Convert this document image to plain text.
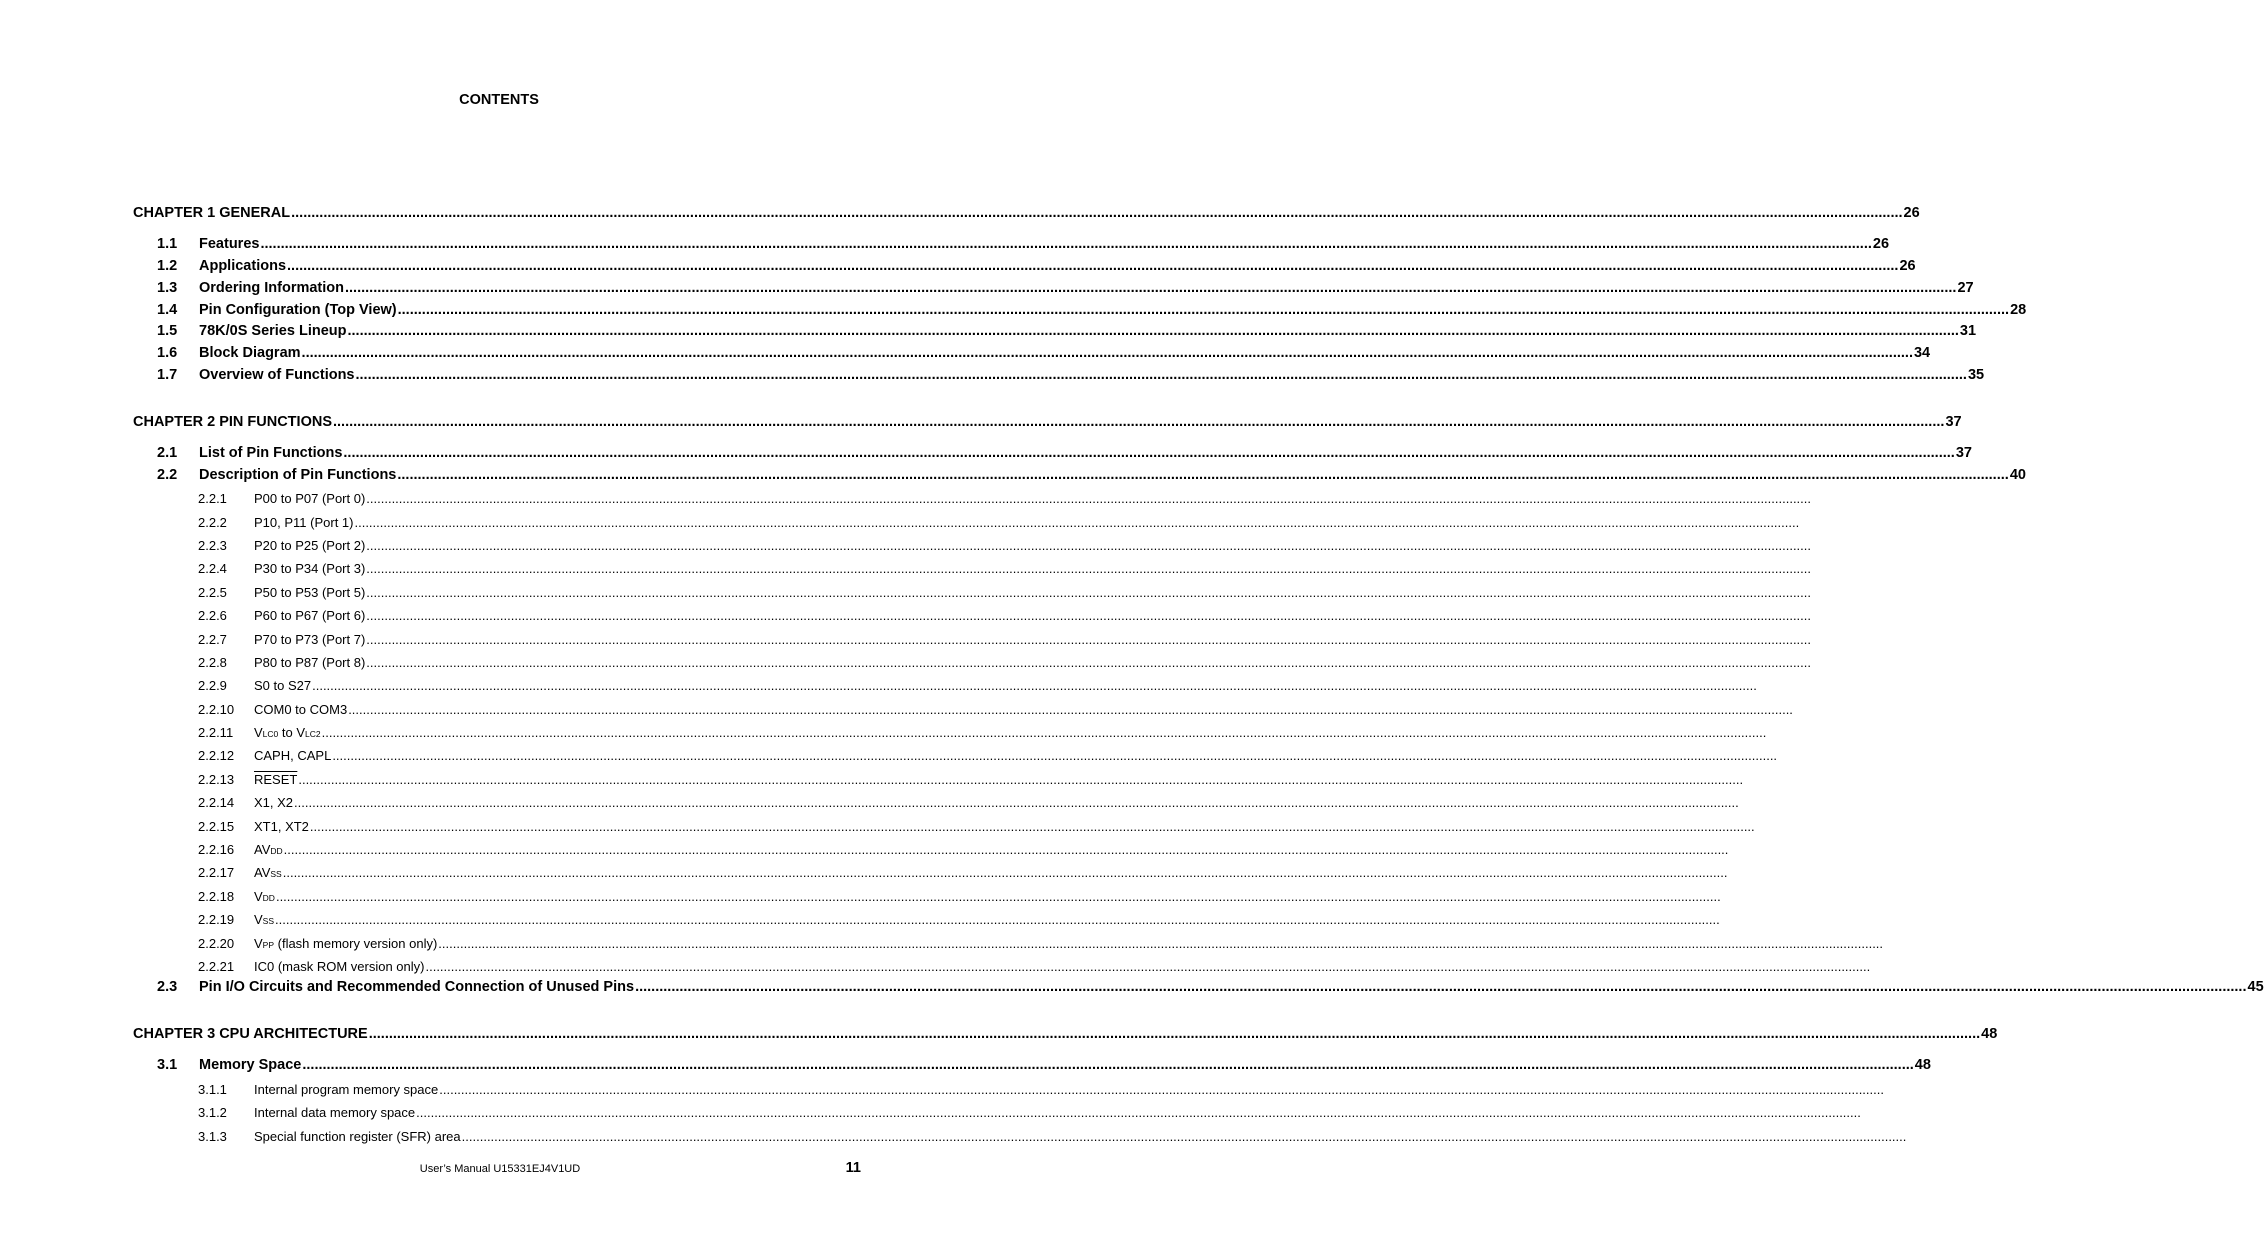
CONTENTS
CHAPTER 1 GENERAL ................................................................................................................................................................................................................................................................................................................................................................................................................ 26
1.1 Features ................................................................................................................................................................................................................................................................................................................................................................................................................ 26
1.2 Applications ................................................................................................................................................................................................................................................................................................................................................................................................................ 26
1.3 Ordering Information ................................................................................................................................................................................................................................................................................................................................................................................................................ 27
1.4 Pin Configuration (Top View) ................................................................................................................................................................................................................................................................................................................................................................................................................ 28
1.5 78K/0S Series Lineup ................................................................................................................................................................................................................................................................................................................................................................................................................ 31
1.6 Block Diagram ................................................................................................................................................................................................................................................................................................................................................................................................................ 34
1.7 Overview of Functions ................................................................................................................................................................................................................................................................................................................................................................................................................ 35
CHAPTER 2 PIN FUNCTIONS ................................................................................................................................................................................................................................................................................................................................................................................................................ 37
2.1 List of Pin Functions ................................................................................................................................................................................................................................................................................................................................................................................................................ 37
2.2 Description of Pin Functions ................................................................................................................................................................................................................................................................................................................................................................................................................ 40
2.2.1 P00 to P07 (Port 0) ................................................................................................................................................................................................................................................................................................................................................................................................................
2.2.2 P10, P11 (Port 1) ................................................................................................................................................................................................................................................................................................................................................................................................................
2.2.3 P20 to P25 (Port 2) ................................................................................................................................................................................................................................................................................................................................................................................................................
2.2.4 P30 to P34 (Port 3) ................................................................................................................................................................................................................................................................................................................................................................................................................
2.2.5 P50 to P53 (Port 5) ................................................................................................................................................................................................................................................................................................................................................................................................................
2.2.6 P60 to P67 (Port 6) ................................................................................................................................................................................................................................................................................................................................................................................................................
2.2.7 P70 to P73 (Port 7) ................................................................................................................................................................................................................................................................................................................................................................................................................
2.2.8 P80 to P87 (Port 8) ................................................................................................................................................................................................................................................................................................................................................................................................................
2.2.9 S0 to S27 ................................................................................................................................................................................................................................................................................................................................................................................................................
2.2.10 COM0 to COM3 ................................................................................................................................................................................................................................................................................................................................................................................................................
2.2.11 VLC0 to VLC2 ................................................................................................................................................................................................................................................................................................................................................................................................................
2.2.12 CAPH, CAPL ................................................................................................................................................................................................................................................................................................................................................................................................................
2.2.13 RESET ................................................................................................................................................................................................................................................................................................................................................................................................................
2.2.14 X1, X2 ................................................................................................................................................................................................................................................................................................................................................................................................................
2.2.15 XT1, XT2 ................................................................................................................................................................................................................................................................................................................................................................................................................
2.2.16 AVDD ................................................................................................................................................................................................................................................................................................................................................................................................................
2.2.17 AVSS ................................................................................................................................................................................................................................................................................................................................................................................................................
2.2.18 VDD ................................................................................................................................................................................................................................................................................................................................................................................................................
2.2.19 VSS ................................................................................................................................................................................................................................................................................................................................................................................................................
2.2.20 VPP (flash memory version only) ................................................................................................................................................................................................................................................................................................................................................................................................................
2.2.21 IC0 (mask ROM version only) ................................................................................................................................................................................................................................................................................................................................................................................................................
2.3 Pin I/O Circuits and Recommended Connection of Unused Pins ................................................................................................................................................................................................................................................................................................................................................................................................................ 45
CHAPTER 3 CPU ARCHITECTURE ................................................................................................................................................................................................................................................................................................................................................................................................................ 48
3.1 Memory Space ................................................................................................................................................................................................................................................................................................................................................................................................................ 48
3.1.1 Internal program memory space ................................................................................................................................................................................................................................................................................................................................................................................................................
3.1.2 Internal data memory space ................................................................................................................................................................................................................................................................................................................................................................................................................
3.1.3 Special function register (SFR) area ................................................................................................................................................................................................................................................................................................................................................................................................................
User’s Manual U15331EJ4V1UD	11
